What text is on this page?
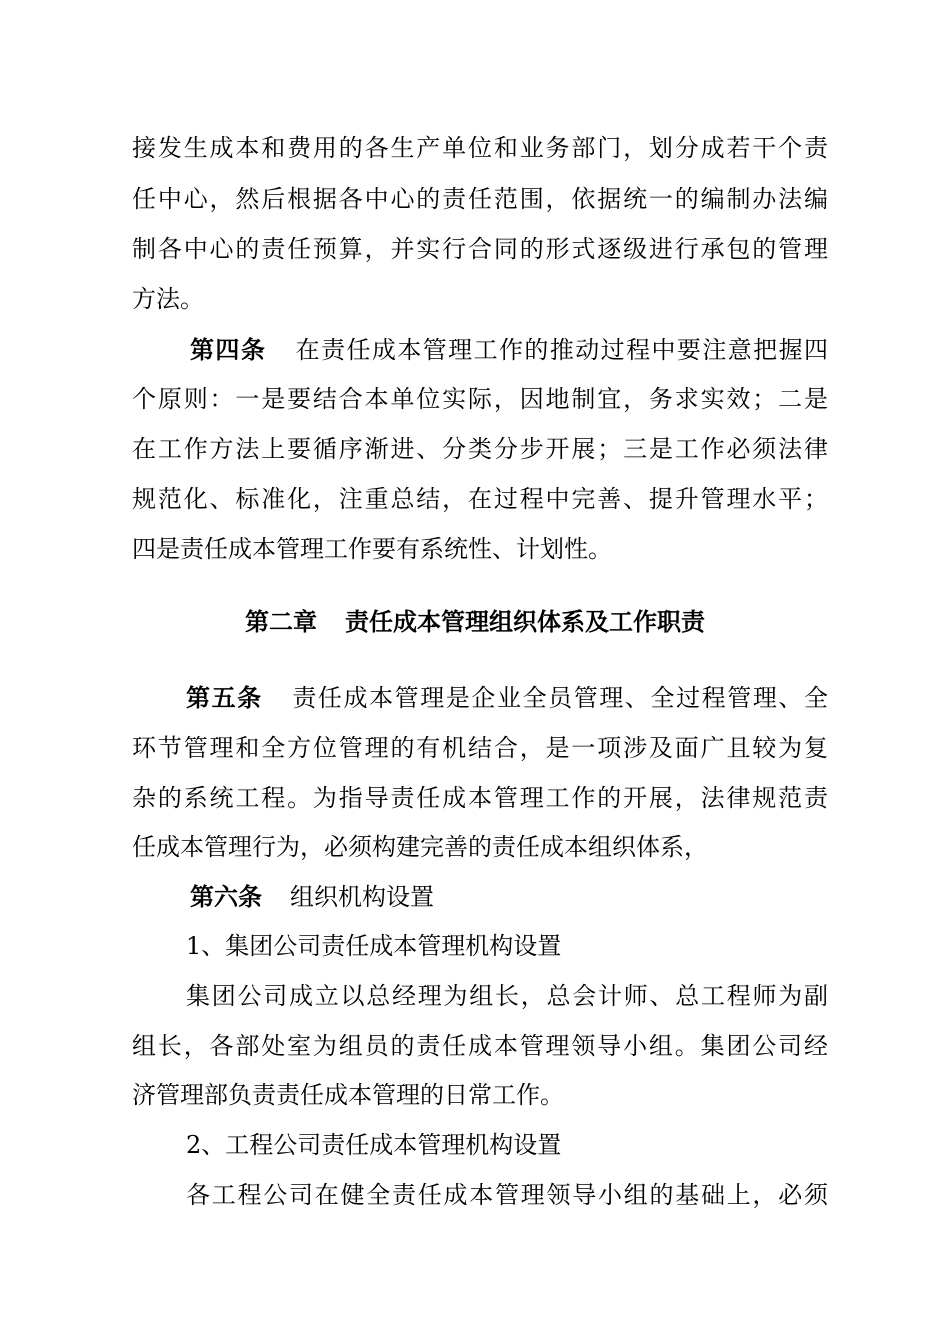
接发生成本和费用的各生产单位和业务部门，划分成若干个责
任中心，然后根据各中心的责任范围，依据统一的编制办法编
制各中心的责任预算，并实行合同的形式逐级进行承包的管理
方法。
第四条 在责任成本管理工作的推动过程中要注意把握四
个原则：一是要结合本单位实际，因地制宜，务求实效；二是
在工作方法上要循序渐进、分类分步开展；三是工作必须法律
规范化、标准化，注重总结，在过程中完善、提升管理水平；
四是责任成本管理工作要有系统性、计划性。
第二章 责任成本管理组织体系及工作职责
第五条 责任成本管理是企业全员管理、全过程管理、全
环节管理和全方位管理的有机结合，是一项涉及面广且较为复
杂的系统工程。为指导责任成本管理工作的开展，法律规范责
任成本管理行为，必须构建完善的责任成本组织体系，
第六条 组织机构设置
1、集团公司责任成本管理机构设置
集团公司成立以总经理为组长，总会计师、总工程师为副
组长，各部处室为组员的责任成本管理领导小组。集团公司经
济管理部负责责任成本管理的日常工作。
2、工程公司责任成本管理机构设置
各工程公司在健全责任成本管理领导小组的基础上，必须
